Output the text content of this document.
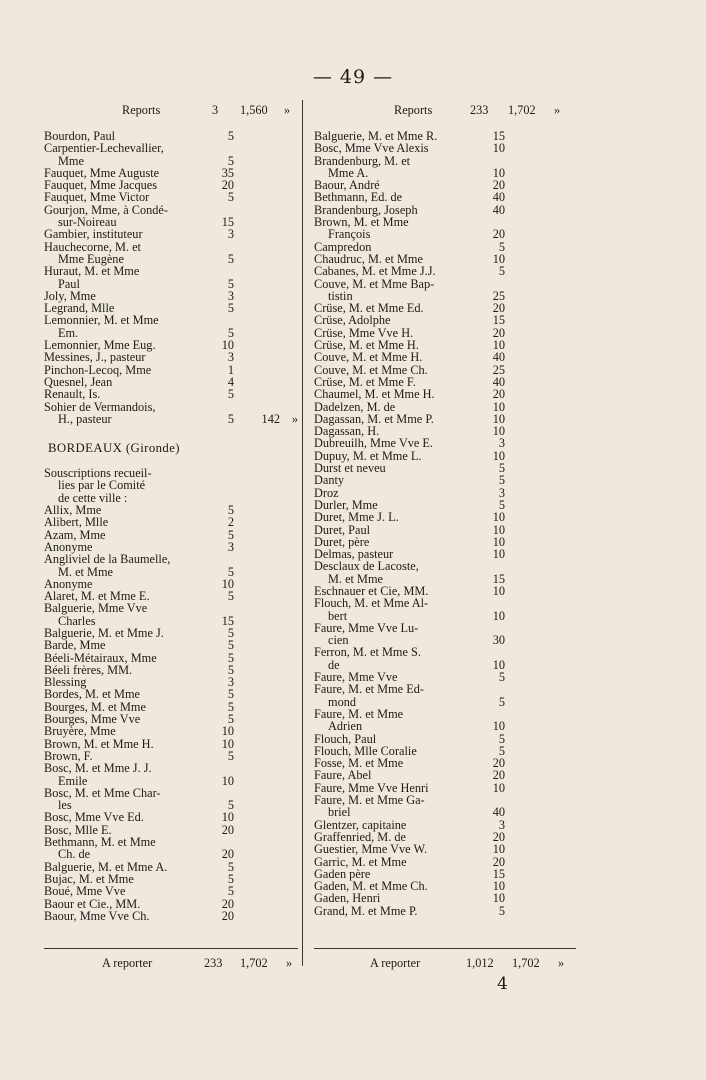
— 49 —
Reports	3 1,560 »
Bourdon, Paul	5
Carpentier-Lechevallier,
Mme	5
Fauquet, Mme Auguste	35
Fauquet, Mme Jacques	20
Fauquet, Mme Victor	5
Gourjon, Mme, à Condé-
sur-Noireau	15
Gambier, instituteur	3
Hauchecorne, M. et
Mme Eugène	5
Huraut, M. et Mme
Paul	5
Joly, Mme	3
Legrand, Mlle	5
Lemonnier, M. et Mme
Em.	5
Lemonnier, Mme Eug.	10
Messines, J., pasteur	3
Pinchon-Lecoq, Mme	1
Quesnel, Jean	4
Renault, Is.	5
Sohier de Vermandois,
H., pasteur	5 142 »
BORDEAUX (Gironde)
Souscriptions recueil-
lies par le Comité
de cette ville :
Allix, Mme	5
Alibert, Mlle	2
Azam, Mme	5
Anonyme	3
Angliviel de la Baumelle,
M. et Mme	5
Anonyme	10
Alaret, M. et Mme E.	5
Balguerie, Mme Vve
Charles	15
Balguerie, M. et Mme J.	5
Barde, Mme	5
Béeli-Métairaux, Mme	5
Béeli frères, MM.	5
Blessing	3
Bordes, M. et Mme	5
Bourges, M. et Mme	5
Bourges, Mme Vve	5
Bruyère, Mme	10
Brown, M. et Mme H.	10
Brown, F.	5
Bosc, M. et Mme J. J.
Emile	10
Bosc, M. et Mme Char-
les	5
Bosc, Mme Vve Ed.	10
Bosc, Mlle E.	20
Bethmann, M. et Mme
Ch. de	20
Balguerie, M. et Mme A.	5
Bujac, M. et Mme	5
Boué, Mme Vve	5
Baour et Cie., MM.	20
Baour, Mme Vve Ch.	20
Reports	233 1,702 »
Balguerie, M. et Mme R.	15
Bosc, Mme Vve Alexis	10
Brandenburg, M. et
Mme A.	10
Baour, André	20
Bethmann, Ed. de	40
Brandenburg, Joseph	40
Brown, M. et Mme
François	20
Campredon	5
Chaudruc, M. et Mme	10
Cabanes, M. et Mme J.J.	5
Couve, M. et Mme Bap-
tistin	25
Crüse, M. et Mme Ed.	20
Crüse, Adolphe	15
Crüse, Mme Vve H.	20
Crüse, M. et Mme H.	10
Couve, M. et Mme H.	40
Couve, M. et Mme Ch.	25
Crüse, M. et Mme F.	40
Chaumel, M. et Mme H.	20
Dadelzen, M. de	10
Dagassan, M. et Mme P.	10
Dagassan, H.	10
Dubreuilh, Mme Vve E.	3
Dupuy, M. et Mme L.	10
Durst et neveu	5
Danty	5
Droz	3
Durler, Mme	5
Duret, Mme J. L.	10
Duret, Paul	10
Duret, père	10
Delmas, pasteur	10
Desclaux de Lacoste,
M. et Mme	15
Eschnauer et Cie, MM.	10
Flouch, M. et Mme Al-
bert	10
Faure, Mme Vve Lu-
cien	30
Ferron, M. et Mme S.
de	10
Faure, Mme Vve	5
Faure, M. et Mme Ed-
mond	5
Faure, M. et Mme
Adrien	10
Flouch, Paul	5
Flouch, Mlle Coralie	5
Fosse, M. et Mme	20
Faure, Abel	20
Faure, Mme Vve Henri	10
Faure, M. et Mme Ga-
briel	40
Glentzer, capitaine	3
Graffenried, M. de	20
Guestier, Mme Vve W.	10
Garric, M. et Mme	20
Gaden père	15
Gaden, M. et Mme Ch.	10
Gaden, Henri	10
Grand, M. et Mme P.	5
A reporter	233 1,702 »	A reporter	1,012 1,702 »
4
